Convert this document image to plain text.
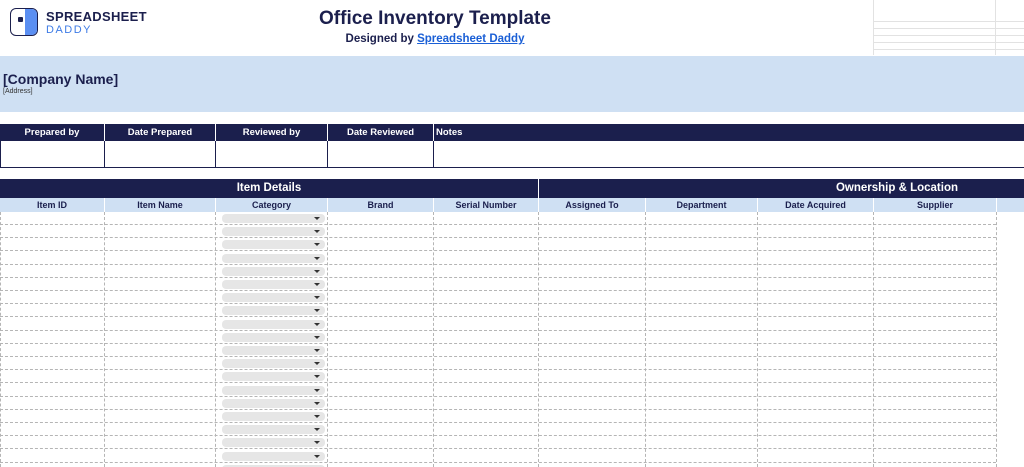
SPREADSHEET
DADDY
Office Inventory Template
Designed by Spreadsheet Daddy
[Company Name]
[Address]
Prepared by	Date Prepared	Reviewed by	Date Reviewed	Notes
Item Details	Ownership & Location
Item ID	Item Name	Category	Brand	Serial Number	Assigned To	Department	Date Acquired	Supplier
